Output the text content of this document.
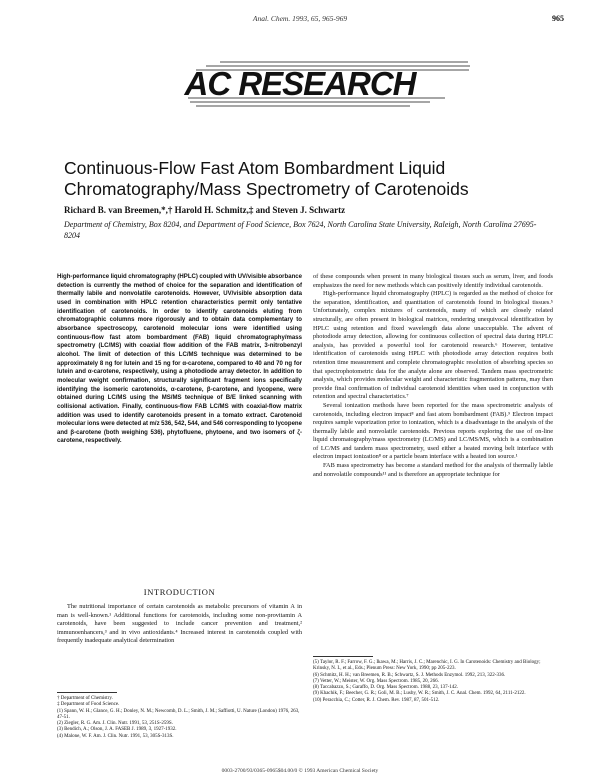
Anal. Chem. 1993, 65, 965-969	965
AC RESEARCH
Continuous-Flow Fast Atom Bombardment Liquid Chromatography/Mass Spectrometry of Carotenoids
Richard B. van Breemen,*,† Harold H. Schmitz,‡ and Steven J. Schwartz
Department of Chemistry, Box 8204, and Department of Food Science, Box 7624, North Carolina State University, Raleigh, North Carolina 27695-8204
High-performance liquid chromatography (HPLC) coupled with UV/visible absorbance detection is currently the method of choice for the separation and identification of thermally labile and nonvolatile carotenoids. However, UV/visible absorption data used in combination with HPLC retention characteristics permit only tentative identification of carotenoids. In order to identify carotenoids eluting from chromatographic columns more rigorously and to obtain data complementary to absorbance spectroscopy, carotenoid molecular ions were identified using continuous-flow fast atom bombardment (FAB) liquid chromatography/mass spectrometry (LC/MS) with coaxial flow addition of the FAB matrix, 3-nitrobenzyl alcohol. The limit of detection of this LC/MS technique was determined to be approximately 8 ng for lutein and 15 ng for α-carotene, compared to 40 and 70 ng for lutein and α-carotene, respectively, using a photodiode array detector. In addition to molecular weight confirmation, structurally significant fragment ions specifically identifying the isomeric carotenoids, α-carotene, β-carotene, and lycopene, were obtained during LC/MS using the MS/MS technique of B/E linked scanning with collisional activation. Finally, continuous-flow FAB LC/MS with coaxial-flow matrix addition was used to identify carotenoids present in a tomato extract. Carotenoid molecular ions were detected at m/z 536, 542, 544, and 546 corresponding to lycopene and β-carotene (both weighing 536), phytofluene, phytoene, and two isomers of ζ-carotene, respectively.
INTRODUCTION
The nutritional importance of certain carotenoids as metabolic precursors of vitamin A in man is well-known.¹ Additional functions for carotenoids, including some non-provitamin A carotenoids, have been suggested to include cancer prevention and treatment,² immunoenhancers,³ and in vivo antioxidants.⁴ Increased interest in carotenoids coupled with frequently inadequate analytical determination

of these compounds when present in many biological tissues such as serum, liver, and foods emphasizes the need for new methods which can positively identify individual carotenoids.

High-performance liquid chromatography (HPLC) is regarded as the method of choice for the separation, identification, and quantitation of carotenoids found in biological tissues.⁵ Unfortunately, complex mixtures of carotenoids, many of which are closely related structurally, are often present in biological matrices, rendering unequivocal identification by HPLC using retention and fixed wavelength data alone unacceptable. The advent of photodiode array detection, allowing for continuous collection of spectral data during HPLC analysis, has provided a powerful tool for carotenoid research.⁶ However, tentative identification of carotenoids using HPLC with photodiode array detection requires both retention time measurement and complete chromatographic resolution of absorbing species so that spectrophotometric data for the analyte alone are observed. Tandem mass spectrometric analysis, which provides molecular weight and characteristic fragmentation patterns, may then provide final confirmation of individual carotenoid identities when used in conjunction with retention and spectral characteristics.⁷

Several ionization methods have been reported for the mass spectrometric analysis of carotenoids, including electron impact⁸ and fast atom bombardment (FAB).⁹ Electron impact requires sample vaporization prior to ionization, which is a disadvantage in the analysis of the thermally labile and nonvolatile carotenoids. Previous reports exploring the use of on-line liquid chromatography/mass spectrometry (LC/MS) and LC/MS/MS, which is a combination of LC/MS and tandem mass spectrometry, used either a heated moving belt interface with electron impact ionization⁸ or a particle beam interface with a heated ion source.¹

FAB mass spectrometry has become a standard method for the analysis of thermally labile and nonvolatile compounds¹¹ and is therefore an appropriate technique for

† Department of Chemistry.

‡ Department of Food Science.

(1) Spann, W. H.; Glance, G. H.; Donley, N. M.; Newcomb, D. L.; Smith, J. M.; Saffiotti, U. Nature (London) 1976, 263, 47-51.

(2) Ziegler, R. G. Am. J. Clin. Nutr. 1991, 53, 251S-259S.

(3) Bendich, A.; Olson, J. A. FASEB J. 1989, 3, 1927-1932.

(4) Malone, W. F. Am. J. Clin. Nutr. 1991, 53, 305S-313S.

(5) Taylor, R. F.; Farrow, F. G.; Ikawa, M.; Harris, J. C.; Marenchic, I. G. In Carotenoids: Chemistry and Biology; Krinsky, N. I., et al., Eds.; Plenum Press: New York, 1990; pp 205-223.

(6) Schmitz, H. H.; van Breemen, R. B.; Schwartz, S. J. Methods Enzymol. 1992, 213, 322-336.

(7) Vetter, W.; Meister, W. Org. Mass Spectrom. 1985, 20, 266.

(8) Taccabazzo, S.; Garaffo, D. Org. Mass Spectrom. 1988, 23, 137-142.

(9) Khachik, F.; Beecher, G. R.; Goli, M. B.; Lusby, W. R.; Smith, J. C. Anal. Chem. 1992, 64, 2111-2122.

(10) Peracchia, C.; Cotter, R. J. Chem. Rev. 1987, 87, 501-512.

0003-2700/93/0365-0965$04.00/0 © 1993 American Chemical Society
